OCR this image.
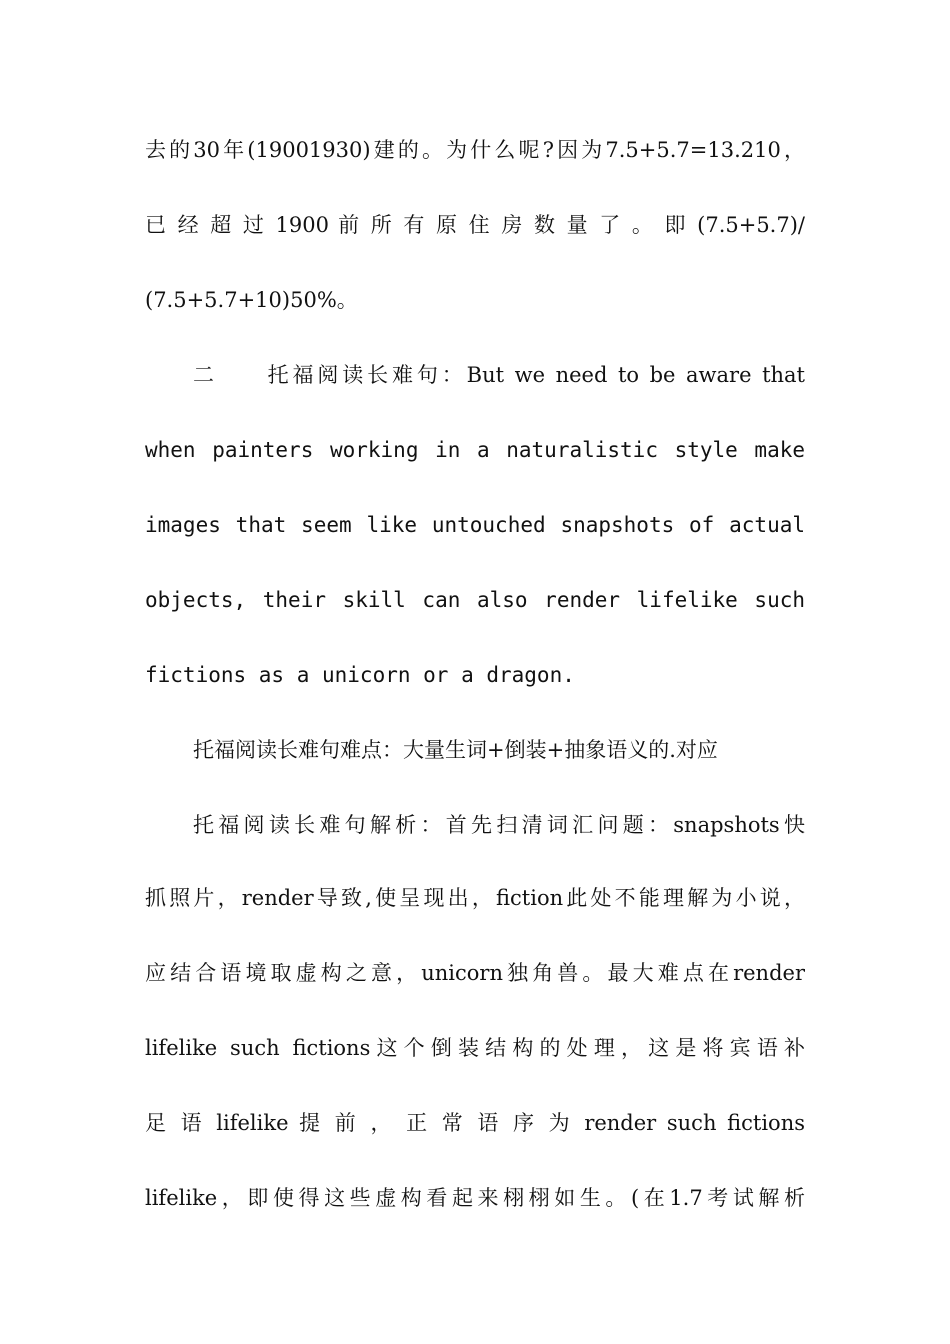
去的30年(19001930)建的。为什么呢?因为7.5+5.7=13.210，
已 经 超 过 1900 前 所 有 原 住 房 数 量 了 。 即 (7.5+5.7)/
(7.5+5.7+10)50%。
二　　托福阅读长难句：But we need to be aware that
when painters working in a naturalistic style make
images that seem like untouched snapshots of actual
objects, their skill can also render lifelike such
fictions as a unicorn or a dragon.
托福阅读长难句难点：大量生词+倒装+抽象语义的.对应
托福阅读长难句解析：首先扫清词汇问题：snapshots快
抓照片，render导致,使呈现出，fiction此处不能理解为小说，
应结合语境取虚构之意，unicorn独角兽。最大难点在render
lifelike such fictions这个倒装结构的处理，这是将宾语补
足 语 lifelike 提 前 ， 正 常 语 序 为 render such fictions
lifelike，即使得这些虚构看起来栩栩如生。(在1.7考试解析
